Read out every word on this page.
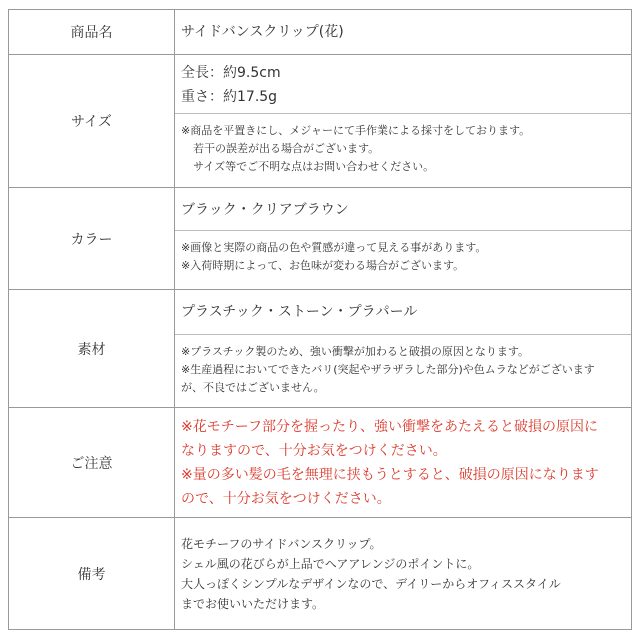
商品名	サイドバンスクリップ(花)

サイズ	全長：約9.5cm
重さ：約17.5g
※商品を平置きにし、メジャーにて手作業による採寸をしております。
若干の誤差が出る場合がございます。
サイズ等でご不明な点はお問い合わせください。

カラー	ブラック・クリアブラウン
※画像と実際の商品の色や質感が違って見える事があります。
※入荷時期によって、お色味が変わる場合がございます。

素材	プラスチック・ストーン・プラパール
※プラスチック製のため、強い衝撃が加わると破損の原因となります。
※生産過程においてできたバリ(突起やザラザラした部分)や色ムラなどがございます
が、不良ではございません。

ご注意	※花モチーフ部分を握ったり、強い衝撃をあたえると破損の原因に
なりますので、十分お気をつけください。
※量の多い髪の毛を無理に挟もうとすると、破損の原因になります
ので、十分お気をつけください。

備考	花モチーフのサイドバンスクリップ。
シェル風の花びらが上品でヘアアレンジのポイントに。
大人っぽくシンプルなデザインなので、デイリーからオフィススタイル
までお使いいただけます。
